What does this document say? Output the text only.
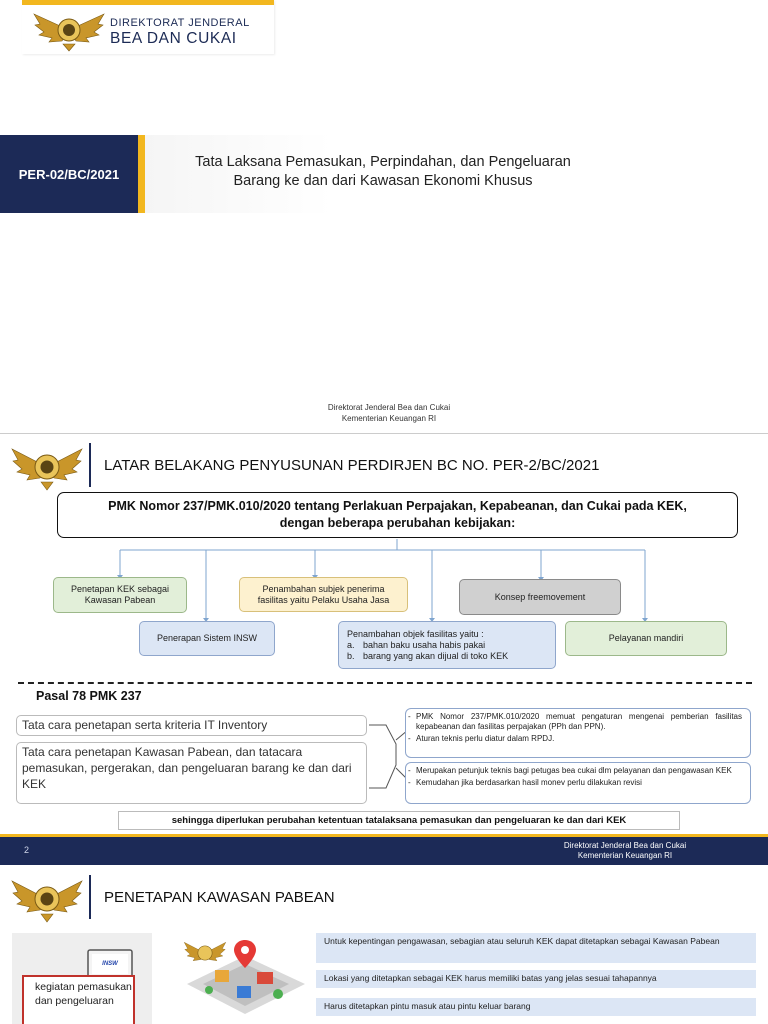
DIREKTORAT JENDERAL
BEA DAN CUKAI
PER-02/BC/2021
Tata Laksana Pemasukan, Perpindahan, dan Pengeluaran
Barang ke dan dari Kawasan Ekonomi Khusus
Direktorat Jenderal Bea dan Cukai
Kementerian Keuangan RI
LATAR BELAKANG PENYUSUNAN PERDIRJEN BC NO. PER-2/BC/2021
PMK Nomor 237/PMK.010/2020 tentang Perlakuan Perpajakan, Kepabeanan, dan Cukai pada KEK,
dengan beberapa perubahan kebijakan:
Penetapan KEK sebagai
Kawasan Pabean
Penerapan Sistem INSW
Penambahan subjek penerima
fasilitas yaitu Pelaku Usaha Jasa
Penambahan objek fasilitas yaitu :
a. bahan baku usaha habis pakai
b. barang yang akan dijual di toko KEK
Konsep freemovement
Pelayanan mandiri
Pasal 78 PMK 237
Tata cara penetapan serta kriteria IT Inventory
Tata cara penetapan Kawasan Pabean, dan tatacara pemasukan, pergerakan, dan pengeluaran barang ke dan dari KEK
- PMK Nomor 237/PMK.010/2020 memuat pengaturan mengenai pemberian fasilitas kepabeanan dan fasilitas perpajakan (PPh dan PPN).
- Aturan teknis perlu diatur dalam RPDJ.
- Merupakan petunjuk teknis bagi petugas bea cukai dlm pelayanan dan pengawasan KEK
- Kemudahan jika berdasarkan hasil monev perlu dilakukan revisi
sehingga diperlukan perubahan ketentuan tatalaksana pemasukan dan pengeluaran ke dan dari KEK
2	Direktorat Jenderal Bea dan Cukai
Kementerian Keuangan RI
PENETAPAN KAWASAN PABEAN
INSW
kegiatan pemasukan dan pengeluaran
Untuk kepentingan pengawasan, sebagian atau seluruh KEK dapat ditetapkan sebagai Kawasan Pabean
Lokasi yang ditetapkan sebagai KEK harus memiliki batas yang jelas sesuai tahapannya
Harus ditetapkan pintu masuk atau pintu keluar barang
